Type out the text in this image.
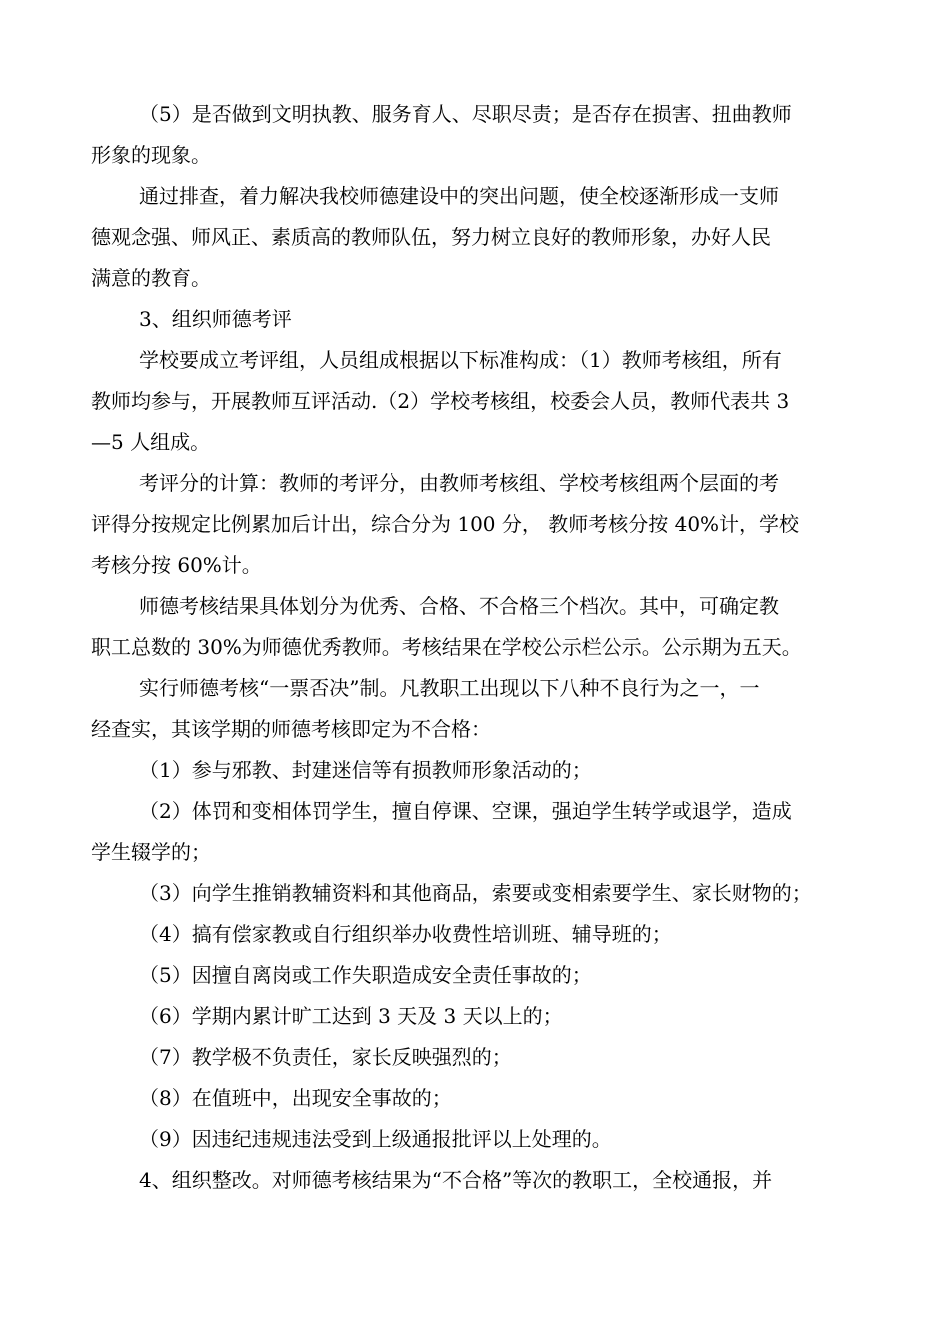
（5）是否做到文明执教、服务育人、尽职尽责；是否存在损害、扭曲教师
形象的现象。
通过排查，着力解决我校师德建设中的突出问题，使全校逐渐形成一支师
德观念强、师风正、素质高的教师队伍，努力树立良好的教师形象，办好人民
满意的教育。
3、组织师德考评
学校要成立考评组，人员组成根据以下标准构成：（1）教师考核组，所有
教师均参与，开展教师互评活动.（2）学校考核组，校委会人员，教师代表共 3
—5 人组成。
考评分的计算：教师的考评分，由教师考核组、学校考核组两个层面的考
评得分按规定比例累加后计出，综合分为 100 分， 教师考核分按 40%计，学校
考核分按 60%计。
师德考核结果具体划分为优秀、合格、不合格三个档次。其中，可确定教
职工总数的 30%为师德优秀教师。考核结果在学校公示栏公示。公示期为五天。
实行师德考核“一票否决”制。凡教职工出现以下八种不良行为之一，一
经查实，其该学期的师德考核即定为不合格：
（1）参与邪教、封建迷信等有损教师形象活动的；
（2）体罚和变相体罚学生，擅自停课、空课，强迫学生转学或退学，造成
学生辍学的；
（3）向学生推销教辅资料和其他商品，索要或变相索要学生、家长财物的；
（4）搞有偿家教或自行组织举办收费性培训班、辅导班的；
（5）因擅自离岗或工作失职造成安全责任事故的；
（6）学期内累计旷工达到 3 天及 3 天以上的；
（7）教学极不负责任，家长反映强烈的；
（8）在值班中，出现安全事故的；
（9）因违纪违规违法受到上级通报批评以上处理的。
4、组织整改。对师德考核结果为“不合格”等次的教职工，全校通报，并
